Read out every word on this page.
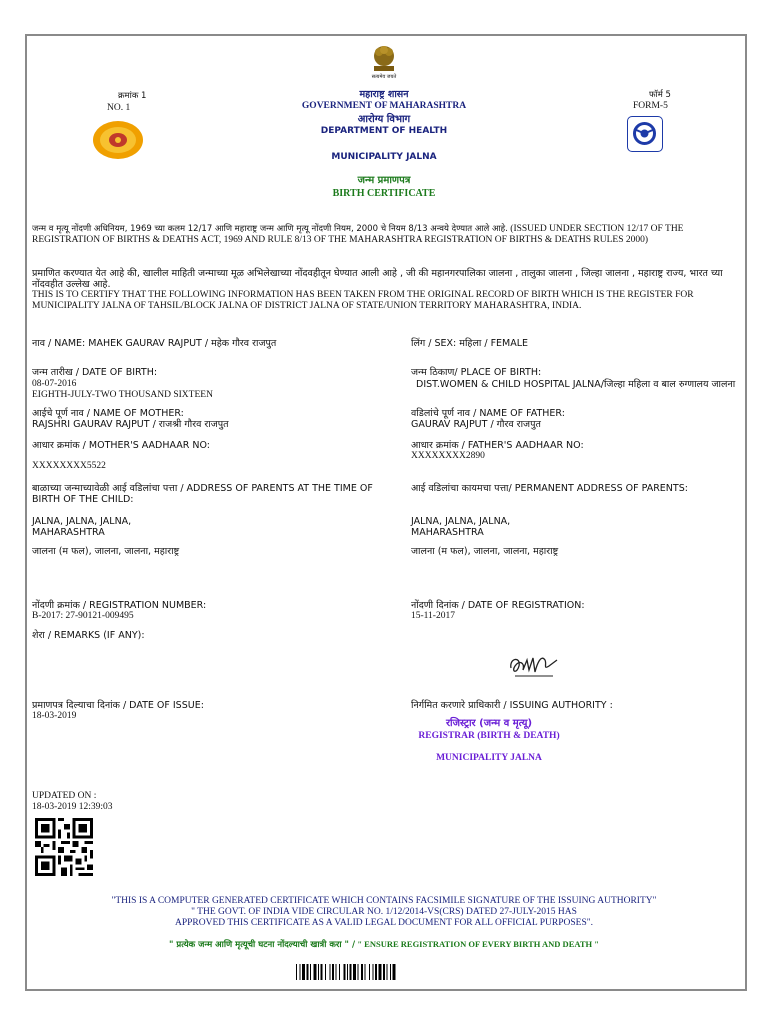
सत्यमेव जयते
क्रमांक 1
NO. 1
फॉर्म 5
FORM-5
महाराष्ट्र शासन
GOVERNMENT OF MAHARASHTRA
आरोग्य विभाग
DEPARTMENT OF HEALTH
MUNICIPALITY JALNA
जन्म प्रमाणपत्र
BIRTH CERTIFICATE
जन्म व मृत्यू नोंदणी अधिनियम, 1969 च्या कलम 12/17 आणि महाराष्ट्र जन्म आणि मृत्यू नोंदणी नियम, 2000 चे नियम 8/13 अन्वये देण्यात आले आहे. (ISSUED UNDER SECTION 12/17 OF THE REGISTRATION OF BIRTHS & DEATHS ACT, 1969 AND RULE 8/13 OF THE MAHARASHTRA REGISTRATION OF BIRTHS & DEATHS RULES 2000)
प्रमाणित करण्यात येत आहे की, खालील माहिती जन्माच्या मूळ अभिलेखाच्या नोंदवहीतून घेण्यात आली आहे , जी की महानगरपालिका जालना , तालुका जालना , जिल्हा जालना , महाराष्ट्र राज्य, भारत च्या नोंदवहीत उल्लेख आहे.
THIS IS TO CERTIFY THAT THE FOLLOWING INFORMATION HAS BEEN TAKEN FROM THE ORIGINAL RECORD OF BIRTH WHICH IS THE REGISTER FOR MUNICIPALITY JALNA OF TAHSIL/BLOCK JALNA OF DISTRICT JALNA OF STATE/UNION TERRITORY MAHARASHTRA, INDIA.
नाव / NAME: MAHEK GAURAV RAJPUT / महेक गौरव राजपुत	लिंग / SEX: महिला / FEMALE
जन्म तारीख / DATE OF BIRTH:
08-07-2016
EIGHTH-JULY-TWO THOUSAND SIXTEEN
जन्म ठिकाण/ PLACE OF BIRTH:
DIST.WOMEN & CHILD HOSPITAL JALNA/जिल्हा महिला व बाल रुग्णालय जालना
आईचे पूर्ण नाव / NAME OF MOTHER:
RAJSHRI GAURAV RAJPUT / राजश्री गौरव राजपुत
वडिलांचे पूर्ण नाव / NAME OF FATHER:
GAURAV RAJPUT / गौरव राजपुत
आधार क्रमांक / MOTHER'S AADHAAR NO:
XXXXXXXX5522
आधार क्रमांक / FATHER'S AADHAAR NO:
XXXXXXXX2890
बाळाच्या जन्माच्यावेळी आई वडिलांचा पत्ता / ADDRESS OF PARENTS AT THE TIME OF BIRTH OF THE CHILD:
JALNA, JALNA, JALNA, MAHARASHTRA
जालना (म फल), जालना, जालना, महाराष्ट्र
आई वडिलांचा कायमचा पत्ता/ PERMANENT ADDRESS OF PARENTS:
JALNA, JALNA, JALNA, MAHARASHTRA
जालना (म फल), जालना, जालना, महाराष्ट्र
नोंदणी क्रमांक / REGISTRATION NUMBER:
B-2017: 27-90121-009495
नोंदणी दिनांक / DATE OF REGISTRATION:
15-11-2017
शेरा / REMARKS (IF ANY):
प्रमाणपत्र दिल्याचा दिनांक / DATE OF ISSUE:
18-03-2019
निर्गमित करणारे प्राधिकारी / ISSUING AUTHORITY :
रजिस्ट्रार (जन्म व मृत्यू)
REGISTRAR (BIRTH & DEATH)
MUNICIPALITY JALNA
UPDATED ON :
18-03-2019 12:39:03
"THIS IS A COMPUTER GENERATED CERTIFICATE WHICH CONTAINS FACSIMILE SIGNATURE OF THE ISSUING AUTHORITY"
" THE GOVT. OF INDIA VIDE CIRCULAR NO. 1/12/2014-VS(CRS) DATED 27-JULY-2015 HAS
APPROVED THIS CERTIFICATE AS A VALID LEGAL DOCUMENT FOR ALL OFFICIAL PURPOSES".
" प्रत्येक जन्म आणि मृत्यूची घटना नोंदल्याची खात्री करा " / " ENSURE REGISTRATION OF EVERY BIRTH AND DEATH "
